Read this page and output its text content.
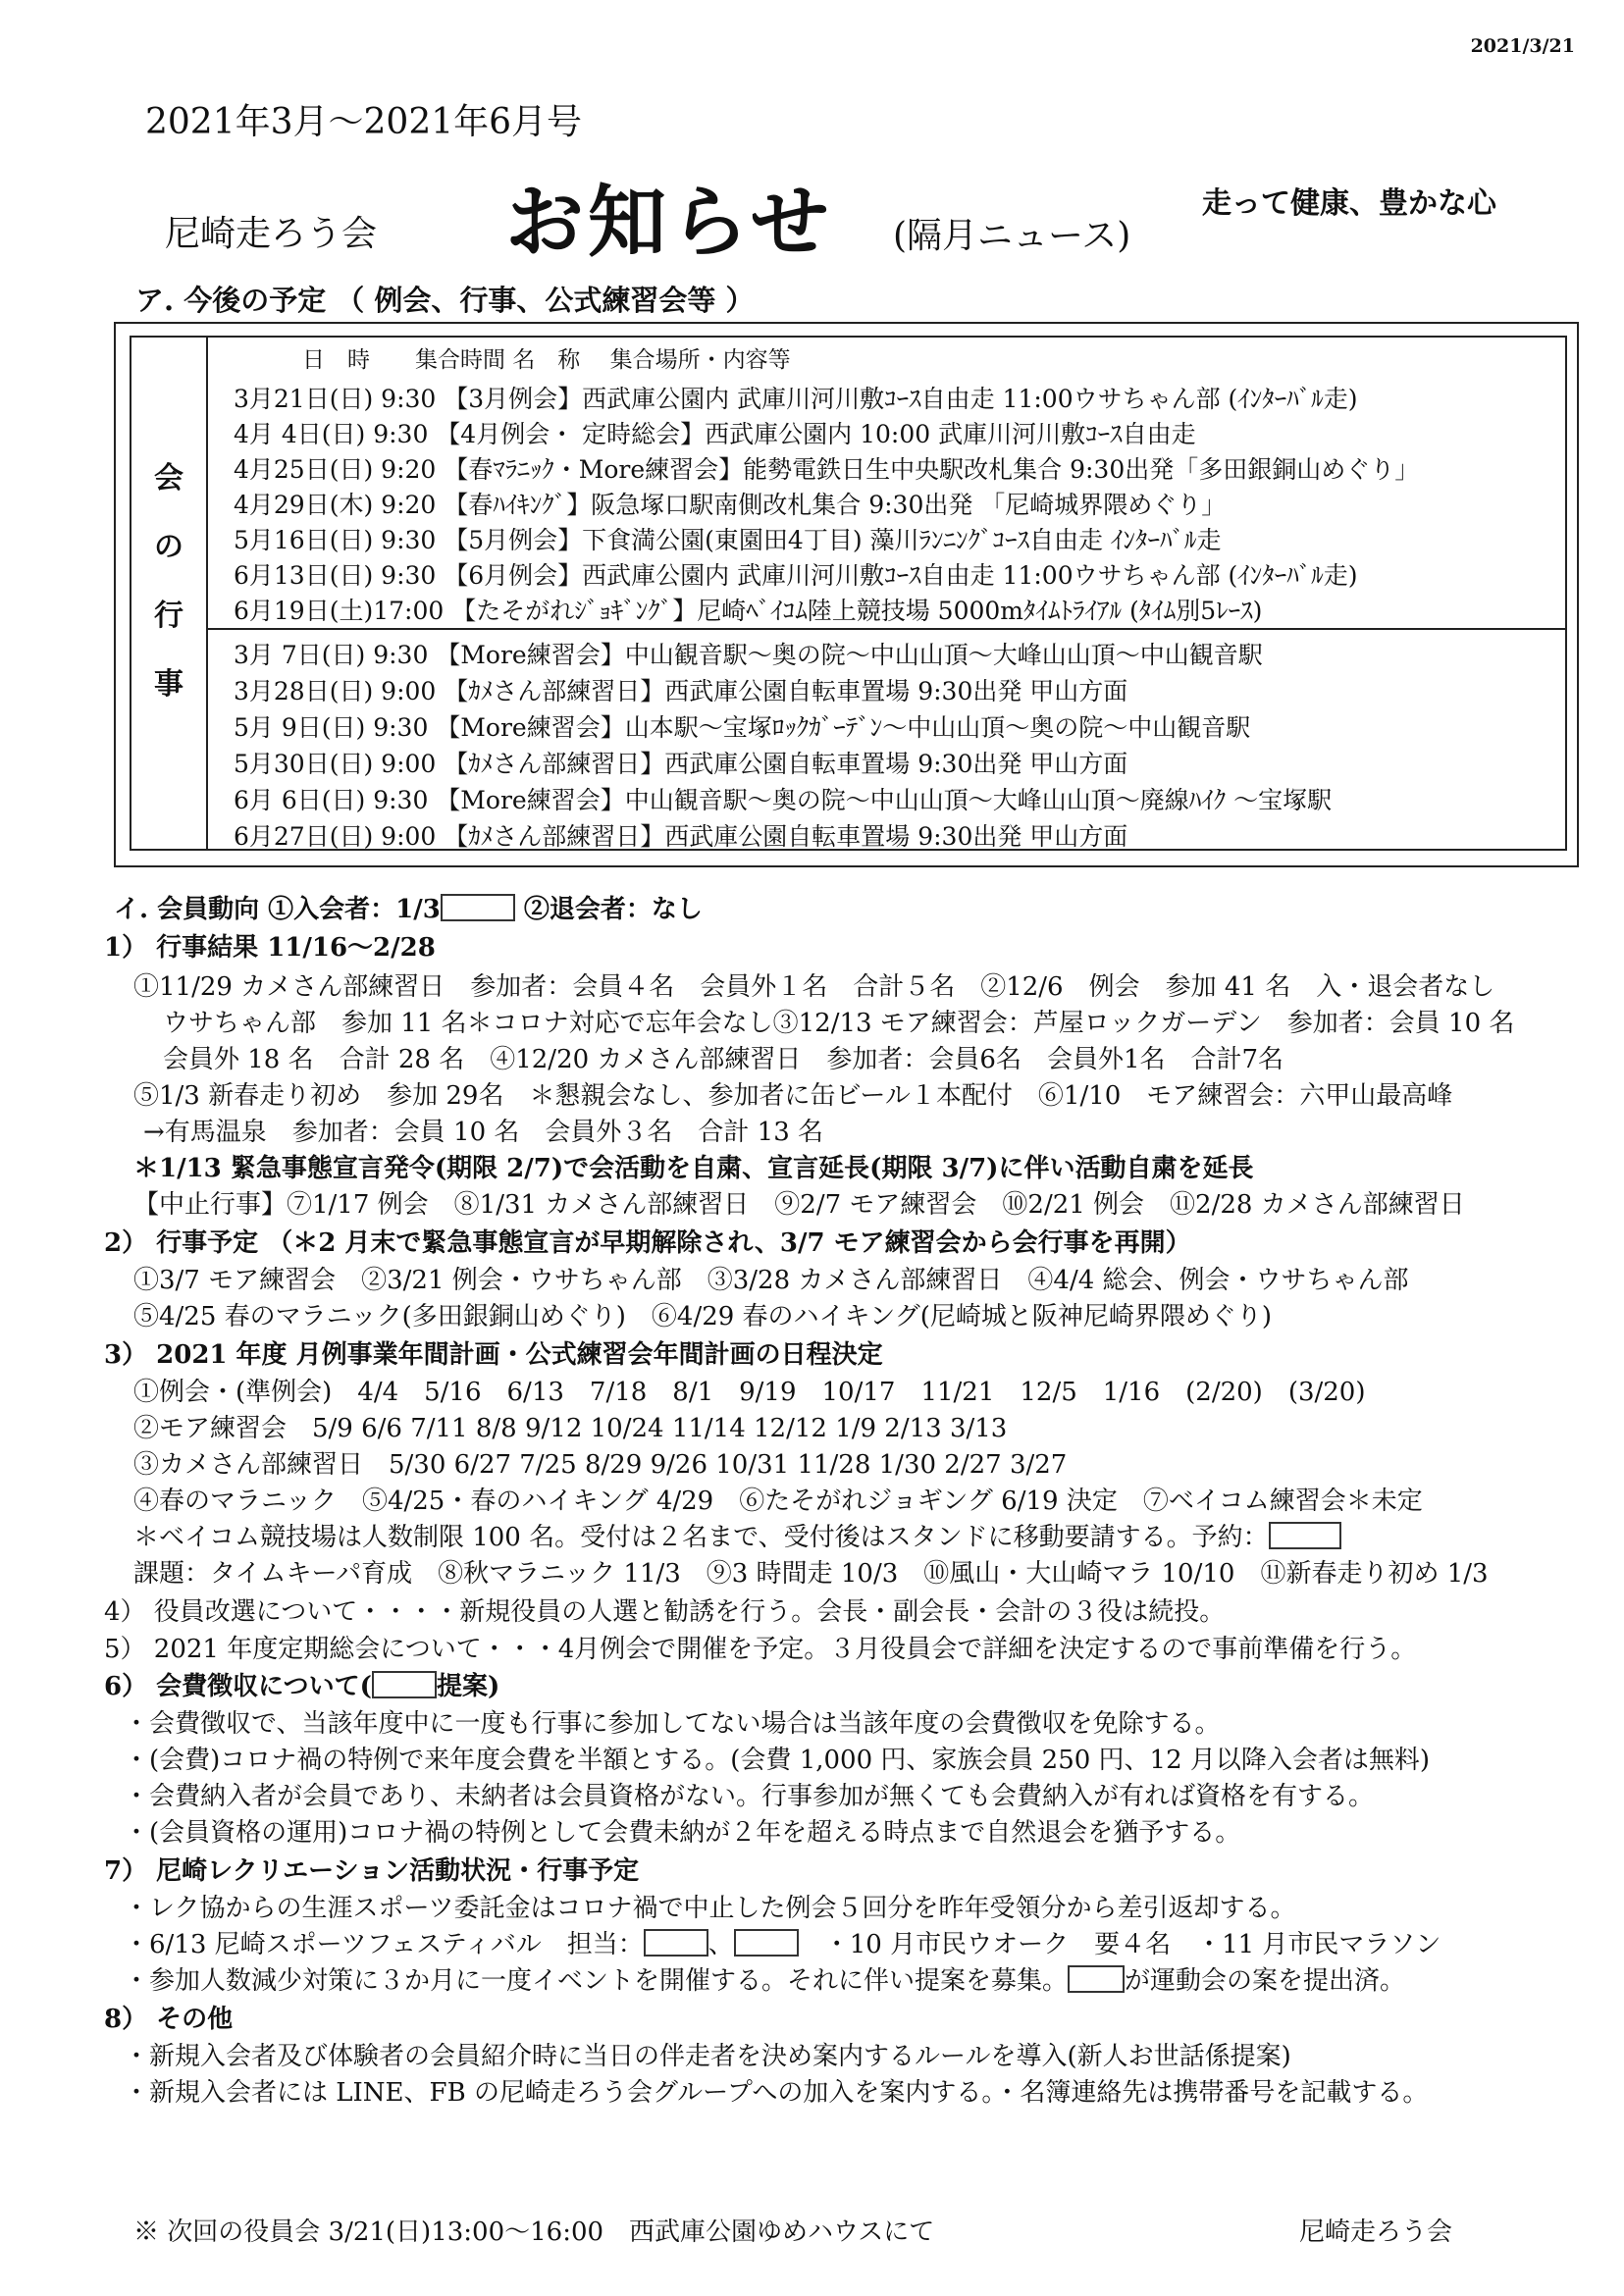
2021/3/21
2021年3月～2021年6月号
尼崎走ろう会 お知らせ (隔月ニュース)
走って健康、豊かな心
ア. 今後の予定 （ 例会、行事、公式練習会等 ）
会
の
行
事
日　時　　集合時間 名　称　 集合場所・内容等
3月21日(日) 9:30 【3月例会】西武庫公園内 武庫川河川敷ｺｰｽ自由走 11:00ウサちゃん部 (ｲﾝﾀｰﾊﾞﾙ走)
4月 4日(日) 9:30 【4月例会・ 定時総会】西武庫公園内 10:00 武庫川河川敷ｺｰｽ自由走
4月25日(日) 9:20 【春ﾏﾗﾆｯｸ・More練習会】能勢電鉄日生中央駅改札集合 9:30出発「多田銀銅山めぐり」
4月29日(木) 9:20 【春ﾊｲｷﾝｸﾞ】阪急塚口駅南側改札集合 9:30出発 「尼崎城界隈めぐり」
5月16日(日) 9:30 【5月例会】下食満公園(東園田4丁目) 藻川ﾗﾝﾆﾝｸﾞｺｰｽ自由走 ｲﾝﾀｰﾊﾞﾙ走
6月13日(日) 9:30 【6月例会】西武庫公園内 武庫川河川敷ｺｰｽ自由走 11:00ウサちゃん部 (ｲﾝﾀｰﾊﾞﾙ走)
6月19日(土)17:00 【たそがれｼﾞｮｷﾞﾝｸﾞ】尼崎ﾍﾞｲｺﾑ陸上競技場 5000mﾀｲﾑﾄﾗｲｱﾙ (ﾀｲﾑ別5ﾚｰｽ)
3月 7日(日) 9:30 【More練習会】中山観音駅～奥の院～中山山頂～大峰山山頂～中山観音駅
3月28日(日) 9:00 【ｶﾒさん部練習日】西武庫公園自転車置場 9:30出発 甲山方面
5月 9日(日) 9:30 【More練習会】山本駅～宝塚ﾛｯｸｶﾞｰﾃﾞﾝ～中山山頂～奥の院～中山観音駅
5月30日(日) 9:00 【ｶﾒさん部練習日】西武庫公園自転車置場 9:30出発 甲山方面
6月 6日(日) 9:30 【More練習会】中山観音駅～奥の院～中山山頂～大峰山山頂～廃線ﾊｲｸ ～宝塚駅
6月27日(日) 9:00 【ｶﾒさん部練習日】西武庫公園自転車置場 9:30出発 甲山方面
イ. 会員動向 ①入会者：1/3	②退会者：なし
1） 行事結果 11/16～2/28
①11/29 カメさん部練習日　参加者：会員４名　会員外１名　合計５名　②12/6　例会　参加 41 名　入・退会者なし
ウサちゃん部　参加 11 名＊コロナ対応で忘年会なし③12/13 モア練習会：芦屋ロックガーデン　参加者：会員 10 名
会員外 18 名　合計 28 名　④12/20 カメさん部練習日　参加者：会員6名　会員外1名　合計7名
⑤1/3 新春走り初め　参加 29名　＊懇親会なし、参加者に缶ビール１本配付　⑥1/10　モア練習会：六甲山最高峰
→有馬温泉　参加者：会員 10 名　会員外３名　合計 13 名
＊1/13 緊急事態宣言発令(期限 2/7)で会活動を自粛、宣言延長(期限 3/7)に伴い活動自粛を延長
【中止行事】⑦1/17 例会　⑧1/31 カメさん部練習日　⑨2/7 モア練習会　⑩2/21 例会　⑪2/28 カメさん部練習日
2） 行事予定 （＊2 月末で緊急事態宣言が早期解除され、3/7 モア練習会から会行事を再開）
①3/7 モア練習会　②3/21 例会・ウサちゃん部　③3/28 カメさん部練習日　④4/4 総会、例会・ウサちゃん部
⑤4/25 春のマラニック(多田銀銅山めぐり)　⑥4/29 春のハイキング(尼崎城と阪神尼崎界隈めぐり)
3） 2021 年度 月例事業年間計画・公式練習会年間計画の日程決定
①例会・(準例会)　4/4　5/16　6/13　7/18　8/1　9/19　10/17　11/21　12/5　1/16　(2/20)　(3/20)
②モア練習会　5/9 6/6 7/11 8/8 9/12 10/24 11/14 12/12 1/9 2/13 3/13
③カメさん部練習日　5/30 6/27 7/25 8/29 9/26 10/31 11/28 1/30 2/27 3/27
④春のマラニック　⑤4/25・春のハイキング 4/29　⑥たそがれジョギング 6/19 決定　⑦ベイコム練習会＊未定
＊ベイコム競技場は人数制限 100 名。受付は２名まで、受付後はスタンドに移動要請する。予約：
課題：タイムキーパ育成　⑧秋マラニック 11/3　⑨3 時間走 10/3　⑩風山・大山崎マラ 10/10　⑪新春走り初め 1/3
4） 役員改選について・・・・新規役員の人選と勧誘を行う。会長・副会長・会計の３役は続投。
5） 2021 年度定期総会について・・・4月例会で開催を予定。３月役員会で詳細を決定するので事前準備を行う。
6） 会費徴収について(	提案)
・会費徴収で、当該年度中に一度も行事に参加してない場合は当該年度の会費徴収を免除する。
・(会費)コロナ禍の特例で来年度会費を半額とする。(会費 1,000 円、家族会員 250 円、12 月以降入会者は無料)
・会費納入者が会員であり、未納者は会員資格がない。行事参加が無くても会費納入が有れば資格を有する。
・(会員資格の運用)コロナ禍の特例として会費未納が２年を超える時点まで自然退会を猶予する。
7） 尼崎レクリエーション活動状況・行事予定
・レク協からの生涯スポーツ委託金はコロナ禍で中止した例会５回分を昨年受領分から差引返却する。
・6/13 尼崎スポーツフェスティバル　担当：	、	　・10 月市民ウオーク　要４名　・11 月市民マラソン
・参加人数減少対策に３か月に一度イベントを開催する。それに伴い提案を募集。 が運動会の案を提出済。
8） その他
・新規入会者及び体験者の会員紹介時に当日の伴走者を決め案内するルールを導入(新人お世話係提案)
・新規入会者には LINE、FB の尼崎走ろう会グループへの加入を案内する。・名簿連絡先は携帯番号を記載する。
※ 次回の役員会 3/21(日)13:00～16:00　西武庫公園ゆめハウスにて	尼崎走ろう会
